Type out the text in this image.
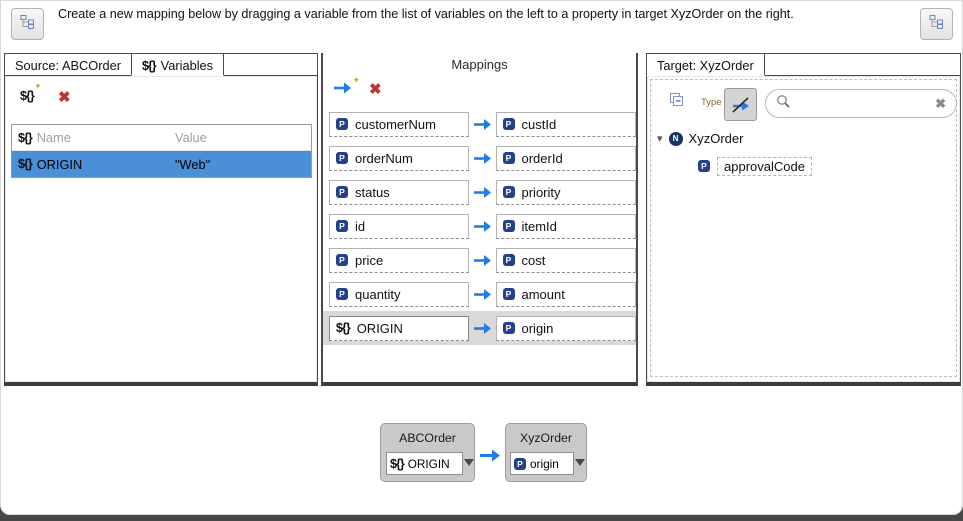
Create a new mapping below by dragging a variable from the list of variables on the left to a property in target XyzOrder on the right.
Source: ABCOrder ${} Variables
${}
✦
✖
${} Name	Value
${} ORIGIN	"Web"
Mappings
✦
✖
P customerNum	P custId
P orderNum	P orderId
P status	P priority
P id	P itemId
P price	P cost
P quantity	P amount
${} ORIGIN	P origin
Target: XyzOrder
Type	✖
▾	N XyzOrder
P	approvalCode
ABCOrder
${} ORIGIN
XyzOrder
P origin
